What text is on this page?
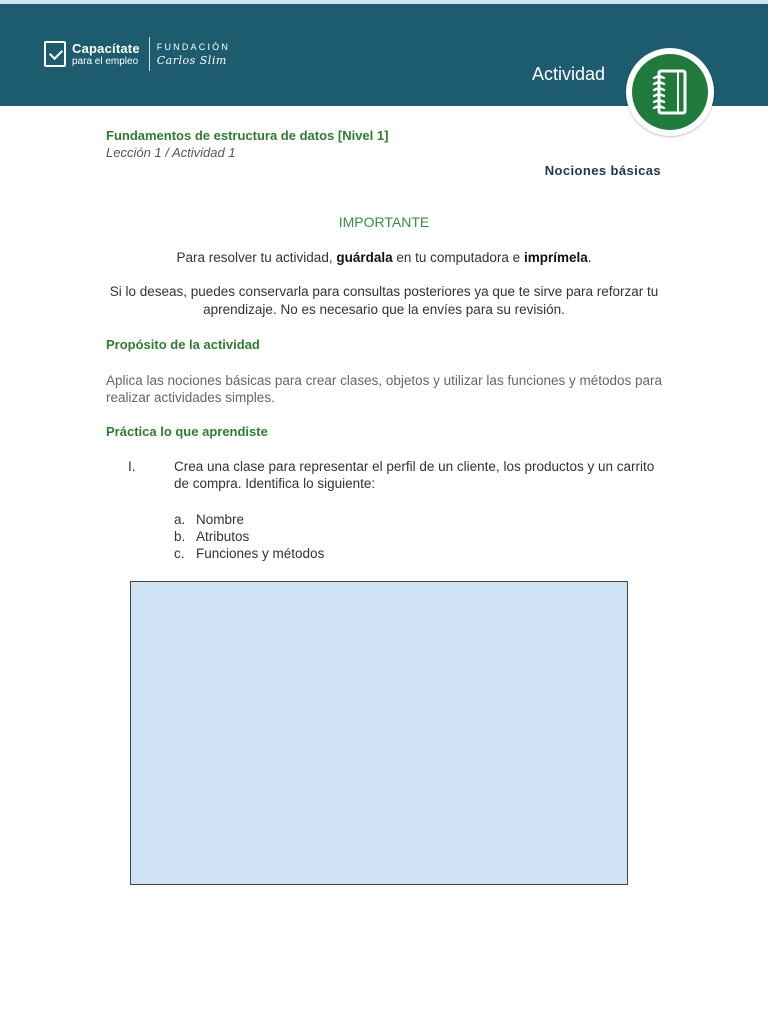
Capacítate
para el empleo
FUNDACIÓN
Carlos Slim
Actividad
Fundamentos de estructura de datos [Nivel 1]
Lección 1 / Actividad 1
Nociones básicas
IMPORTANTE
Para resolver tu actividad, guárdala en tu computadora e imprímela.
Si lo deseas, puedes conservarla para consultas posteriores ya que te sirve para reforzar tu aprendizaje. No es necesario que la envíes para su revisión.
Propósito de la actividad
Aplica las nociones básicas para crear clases, objetos y utilizar las funciones y métodos para realizar actividades simples.
Práctica lo que aprendiste
I.	Crea una clase para representar el perfil de un cliente, los productos y un carrito de compra. Identifica lo siguiente:
a. Nombre
b. Atributos
c. Funciones y métodos
